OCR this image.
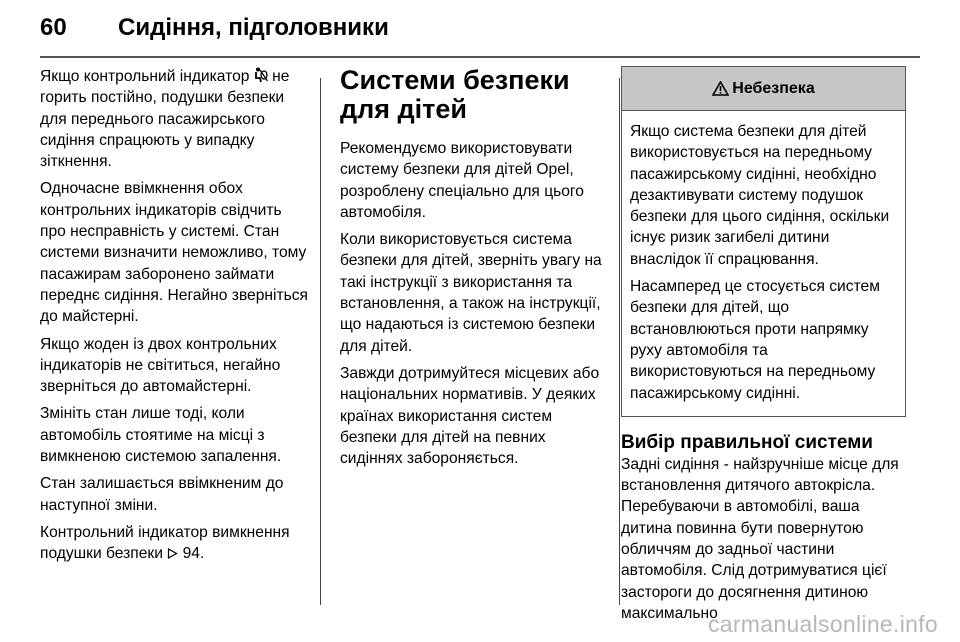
60	Сидіння, підголовники

Якщо контрольний індикатор не горить постійно, подушки безпеки для переднього пасажирського сидіння спрацюють у випадку зіткнення.

Одночасне ввімкнення обох контрольних індикаторів свідчить про несправність у системі. Стан системи визначити неможливо, тому пасажирам заборонено займати переднє сидіння. Негайно зверніться до майстерні.

Якщо жоден із двох контрольних індикаторів не світиться, негайно зверніться до автомайстерні.

Змініть стан лише тоді, коли автомобіль стоятиме на місці з вимкненою системою запалення.

Стан залишається ввімкненим до наступної зміни.

Контрольний індикатор вимкнення подушки безпеки 94.

Системи безпеки для дітей

Рекомендуємо використовувати систему безпеки для дітей Opel, розроблену спеціально для цього автомобіля.

Коли використовується система безпеки для дітей, зверніть увагу на такі інструкції з використання та встановлення, а також на інструкції, що надаються із системою безпеки для дітей.

Завжди дотримуйтеся місцевих або національних нормативів. У деяких країнах використання систем безпеки для дітей на певних сидіннях забороняється.

Небезпека

Якщо система безпеки для дітей використовується на передньому пасажирському сидінні, необхідно дезактивувати систему подушок безпеки для цього сидіння, оскільки існує ризик загибелі дитини внаслідок її спрацювання.

Насамперед це стосується систем безпеки для дітей, що встановлюються проти напрямку руху автомобіля та використовуються на передньому пасажирському сидінні.

Вибір правильної системи

Задні сидіння - найзручніше місце для встановлення дитячого автокрісла. Перебуваючи в автомобілі, ваша дитина повинна бути повернутою обличчям до задньої частини автомобіля. Слід дотримуватися цієї застороги до досягнення дитиною максимально

carmanualsonline.info
